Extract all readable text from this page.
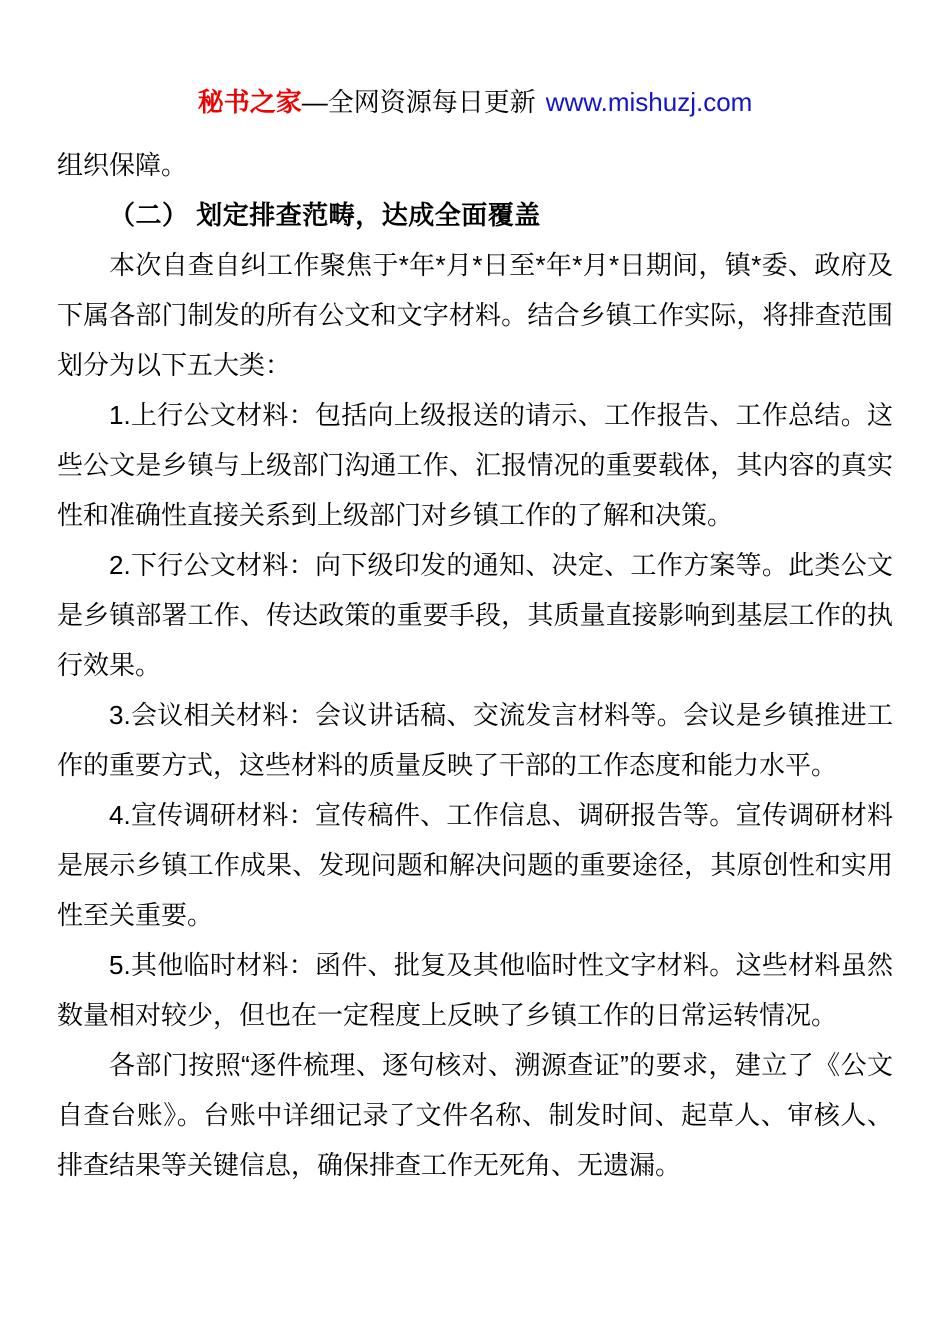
秘书之家—全网资源每日更新 www.mishuzj.com

组织保障。

（二） 划定排查范畴，达成全面覆盖

本次自查自纠工作聚焦于*年*月*日至*年*月*日期间，镇*委、政府及下属各部门制发的所有公文和文字材料。结合乡镇工作实际，将排查范围划分为以下五大类：

1.上行公文材料：包括向上级报送的请示、工作报告、工作总结。这些公文是乡镇与上级部门沟通工作、汇报情况的重要载体，其内容的真实性和准确性直接关系到上级部门对乡镇工作的了解和决策。

2.下行公文材料：向下级印发的通知、决定、工作方案等。此类公文是乡镇部署工作、传达政策的重要手段，其质量直接影响到基层工作的执行效果。

3.会议相关材料：会议讲话稿、交流发言材料等。会议是乡镇推进工作的重要方式，这些材料的质量反映了干部的工作态度和能力水平。

4.宣传调研材料：宣传稿件、工作信息、调研报告等。宣传调研材料是展示乡镇工作成果、发现问题和解决问题的重要途径，其原创性和实用性至关重要。

5.其他临时材料：函件、批复及其他临时性文字材料。这些材料虽然数量相对较少，但也在一定程度上反映了乡镇工作的日常运转情况。

各部门按照“逐件梳理、逐句核对、溯源查证”的要求，建立了《公文自查台账》。台账中详细记录了文件名称、制发时间、起草人、审核人、排查结果等关键信息，确保排查工作无死角、无遗漏。
